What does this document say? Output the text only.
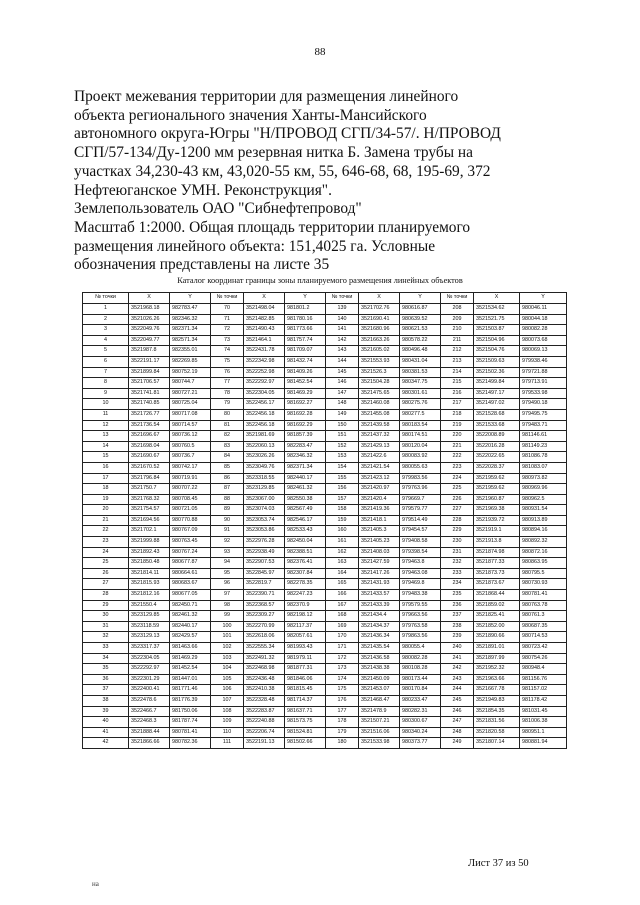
88
Проект межевания территории для размещения линейного
объекта регионального значения Ханты-Мансийского
автономного округа-Югры "Н/ПРОВОД СГП/34-57/. Н/ПРОВОД
СГП/57-134/Ду-1200 мм резервная нитка Б. Замена трубы на
участках 34,230-43 км, 43,020-55 км, 55, 646-68, 68, 195-69, 372
Нефтеюганское УМН. Реконструкция".
Землепользователь ОАО "Сибнефтепровод"
Масштаб 1:2000. Общая площадь территории планируемого
размещения линейного объекта: 151,4025 га. Условные
обозначения представлены на листе 35
Каталог координат границы зоны планируемого размещения линейных объектов
№ точки	X	Y	№ точки	X	Y	№ точки	X	Y	№ точки	X	Y
1	3521968.18	982783.47	70	3521498.04	981801.2	139	3521702.76	980616.87	208	3521534.62	980046.11
2	3521026.26	982346.32	71	3521482.85	981780.16	140	3521690.41	980639.52	209	3521521.75	980044.18
3	3522049.76	982371.34	72	3521490.43	981773.66	141	3521680.96	980621.53	210	3521503.87	980082.28
4	3522049.77	982571.34	73	3521464.1	981757.74	142	3521663.26	980578.22	211	3521504.96	980073.68
5	3521987.8	982355.01	74	3522431.78	981709.07	143	3521605.02	980496.48	212	3521504.76	980069.13
6	3522191.17	982269.85	75	3522342.98	981432.74	144	3521553.93	980431.04	213	3521509.63	979938.46
7	3521899.84	980752.19	76	3522252.98	981409.26	145	3521526.3	980381.53	214	3521502.36	979721.88
8	3521706.57	980744.7	77	3522292.97	981452.54	146	3521504.28	980347.75	215	3521499.84	979713.91
9	3521741.81	980727.21	78	3522304.05	981469.29	147	3521475.65	980301.61	216	3521497.17	979533.98
10	3521740.85	980725.04	79	3522456.17	981692.27	148	3521460.08	980275.76	217	3521497.02	979490.18
11	3521726.77	980717.08	80	3522456.18	981692.28	149	3521455.08	980277.5	218	3521528.68	979495.75
12	3521736.54	980714.57	81	3522456.18	981692.29	150	3521439.58	980183.54	219	3521533.68	979483.71
13	3521696.67	980736.12	82	3521981.69	981857.39	151	3521437.32	980174.51	220	3522008.89	981146.61
14	3521698.04	980760.5	83	3522060.13	982283.47	152	3521429.13	980120.04	221	3522016.28	981149.23
15	3521690.67	980736.7	84	3523026.26	982346.32	153	3521422.6	980083.92	222	3522022.65	981086.78
16	3521670.52	980742.17	85	3523049.76	982371.34	154	3521421.54	980055.63	223	3522028.37	981083.07
17	3521796.84	980719.91	86	3523318.55	982440.17	155	3521423.12	979983.56	224	3521959.62	980973.82
18	3521750.7	980707.22	87	3523129.85	982461.32	156	3521420.97	979763.96	225	3521959.62	980969.96
19	3521768.32	980708.45	88	3523067.00	982550.38	157	3521420.4	979669.7	226	3521960.87	980962.5
20	3521754.57	980721.05	89	3523074.03	982567.49	158	3521419.36	979579.77	227	3521969.38	980931.54
21	3521694.56	980770.88	90	3523053.74	982546.17	159	3521418.1	979514.49	228	3521939.72	980913.89
22	3521702.1	980767.09	91	3523053.86	982533.43	160	3521405.3	979454.57	229	3521919.1	980894.16
23	3521999.88	980763.45	92	3522976.28	982450.04	161	3521405.23	979408.58	230	3521913.8	980892.32
24	3521892.43	980767.24	93	3522938.49	982388.51	162	3521408.03	979398.54	231	3521874.98	980872.16
25	3521850.48	980677.87	94	3522907.53	982376.41	163	3521427.59	979463.8	232	3521877.33	980863.95
26	3521814.11	980664.61	95	3522845.97	982307.84	164	3521417.26	979463.08	233	3521873.73	980795.5
27	3521815.93	980683.67	96	3522819.7	982278.35	165	3521431.93	979469.8	234	3521873.67	980730.93
28	3521812.16	980677.05	97	3522390.71	982247.23	166	3521433.57	979483.38	235	3521868.44	980781.41
29	3521550.4	982450.71	98	3522368.57	982370.9	167	3521433.39	979579.55	236	3521859.02	980763.78
30	3523129.85	982461.32	99	3522309.27	982198.12	168	3521434.4	979663.56	237	3521825.41	980761.3
31	3523118.59	982440.17	100	3522270.99	982117.37	169	3521434.37	979763.58	238	3521852.00	980687.35
32	3523129.13	982429.57	101	3522618.06	982057.61	170	3521436.34	979863.56	239	3521890.66	980714.53
33	3523317.37	981463.66	102	3522555.34	981993.43	171	3521435.54	980055.4	240	3521891.01	980723.42
34	3522304.05	981469.29	103	3522491.32	981979.11	172	3521436.58	980082.28	241	3521897.99	980754.26
35	3522292.97	981452.54	104	3522468.98	981877.31	173	3521438.38	980108.28	242	3521952.32	980948.4
36	3522301.29	981447.01	105	3522436.48	981846.06	174	3521450.09	980173.44	243	3521963.66	981156.76
37	3522400.41	981771.46	106	3522410.38	981815.45	175	3521453.07	980170.84	244	3521667.78	981157.02
38	3522478.6	981776.39	107	3522328.48	981714.37	176	3521468.47	980233.47	245	3521949.83	981178.42
39	3522466.7	981750.06	108	3522283.87	981637.71	177	3521478.9	980282.31	246	3521854.35	981031.45
40	3522468.3	981787.74	109	3522240.88	981573.75	178	3521507.21	980300.67	247	3521831.56	981006.38
41	3521888.44	980781.41	110	3522206.74	981524.81	179	3521516.06	980340.24	248	3521820.58	980951.1
42	3521866.66	980782.36	111	3522191.13	981502.66	180	3521533.98	980373.77	249	3521807.14	980881.94
Лист 37 из 50
на
